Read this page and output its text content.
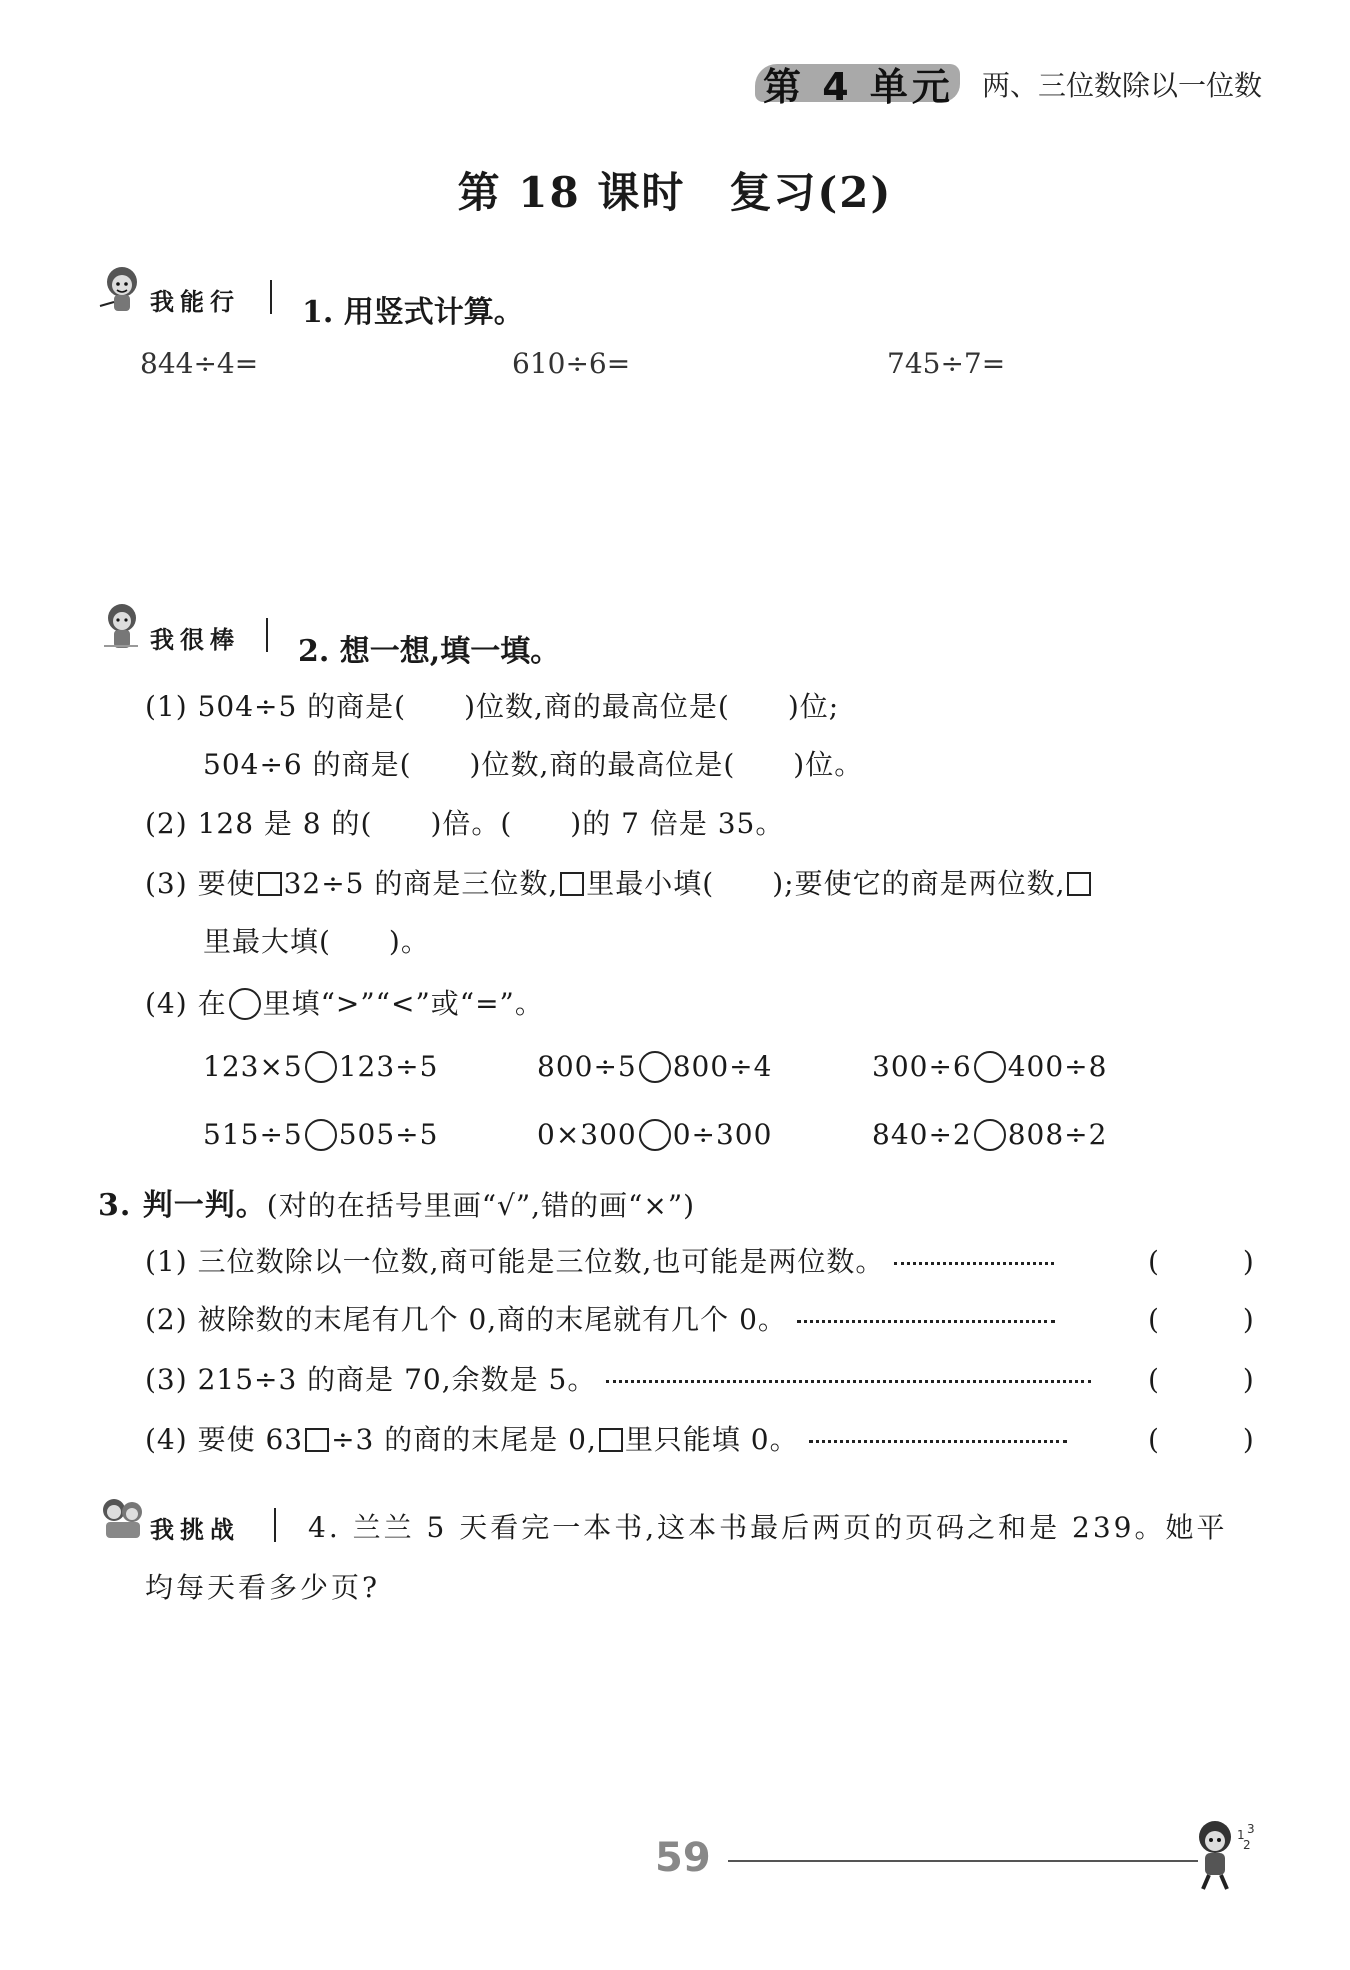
第 4 单元 两、三位数除以一位数
第 18 课时　复习(2)
我能行 1. 用竖式计算。
844÷4=	610÷6=	745÷7=
我很棒 2. 想一想,填一填。
(1) 504÷5 的商是(　　)位数,商的最高位是(　　)位;
504÷6 的商是(　　)位数,商的最高位是(　　)位。
(2) 128 是 8 的(　　)倍。(　　)的 7 倍是 35。
(3) 要使 32÷5 的商是三位数, 里最小填(　　);要使它的商是两位数,
里最大填(　　)。
(4) 在 里填“>”“<”或“=”。
123×5 123÷5	800÷5 800÷4	300÷6 400÷8
515÷5 505÷5	0×300 0÷300	840÷2 808÷2
3. 判一判。(对的在括号里画“√”,错的画“×”)
(1) 三位数除以一位数,商可能是三位数,也可能是两位数。	(　　　)
(2) 被除数的末尾有几个 0,商的末尾就有几个 0。	(　　　)
(3) 215÷3 的商是 70,余数是 5。	(　　　)
(4) 要使 63 ÷3 的商的末尾是 0, 里只能填 0。	(　　　)
我挑战 4. 兰兰 5 天看完一本书,这本书最后两页的页码之和是 239。她平
均每天看多少页?
59	1
2
3
